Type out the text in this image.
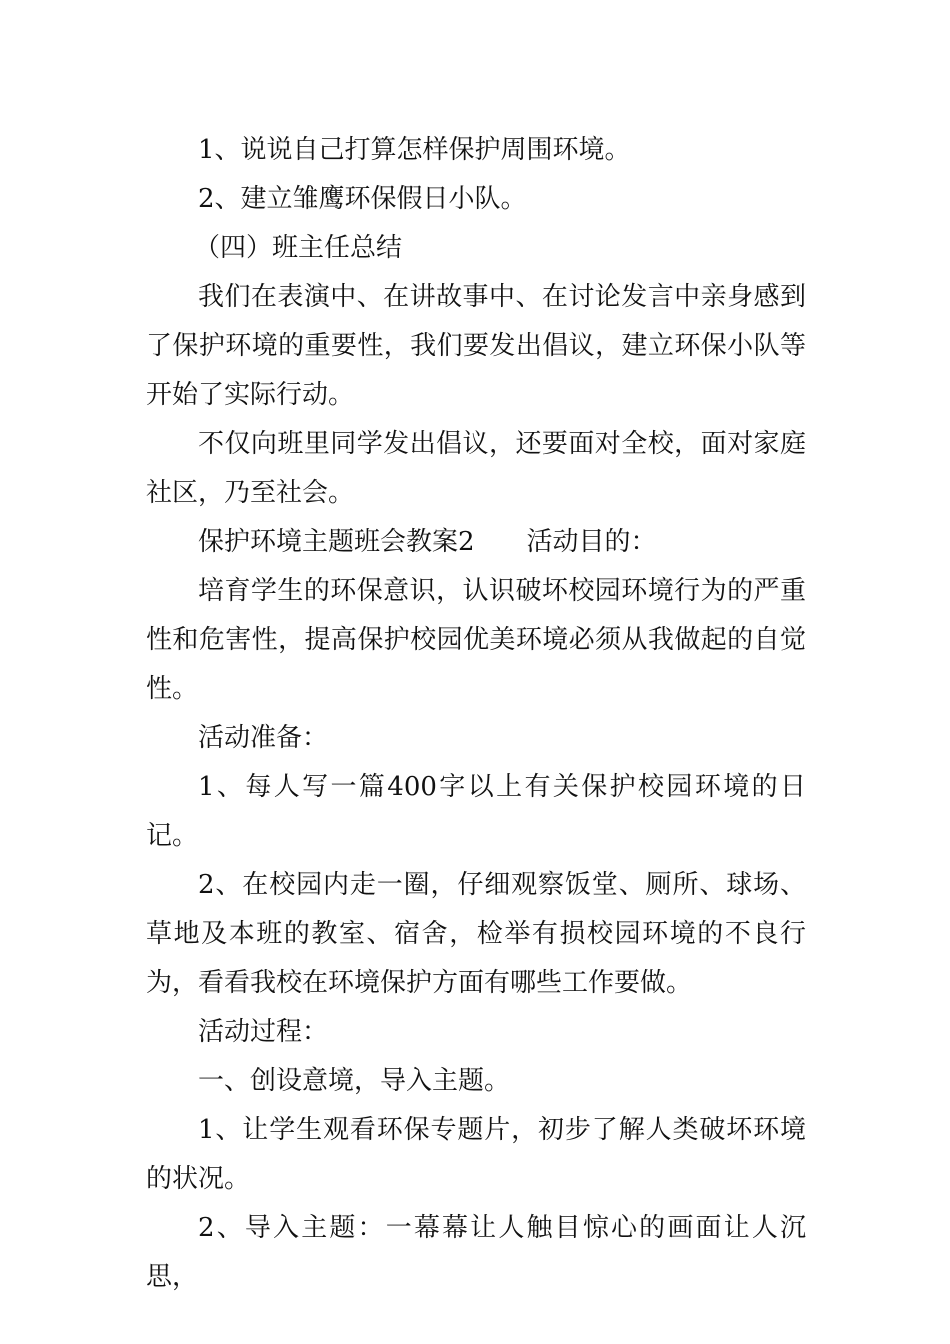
1、说说自己打算怎样保护周围环境。

2、建立雏鹰环保假日小队。

（四）班主任总结

我们在表演中、在讲故事中、在讨论发言中亲身感到了保护环境的重要性，我们要发出倡议，建立环保小队等开始了实际行动。

不仅向班里同学发出倡议，还要面对全校，面对家庭社区，乃至社会。

保护环境主题班会教案2　　活动目的：

培育学生的环保意识，认识破坏校园环境行为的严重性和危害性，提高保护校园优美环境必须从我做起的自觉性。

活动准备：

1、每人写一篇400字以上有关保护校园环境的日记。

2、在校园内走一圈，仔细观察饭堂、厕所、球场、草地及本班的教室、宿舍，检举有损校园环境的不良行为，看看我校在环境保护方面有哪些工作要做。

活动过程：

一、创设意境，导入主题。

1、让学生观看环保专题片，初步了解人类破坏环境的状况。

2、导入主题：一幕幕让人触目惊心的画面让人沉思，
